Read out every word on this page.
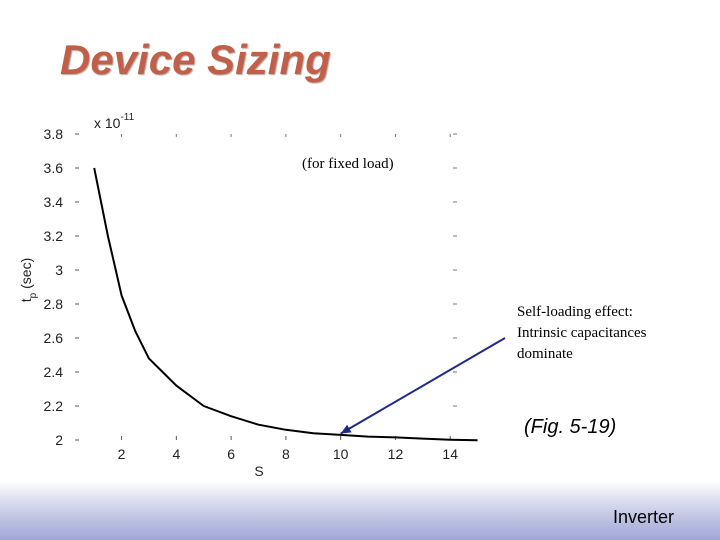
Device Sizing
2
2.2
2.4
2.6
2.8
3
3.2
3.4
3.6
3.8
2	4	6	8	10	12	14
x $10^{-11}$
S
$t_p$ (sec)
(for fixed load)
Self-loading effect:
Intrinsic capacitances
dominate
(Fig. 5-19)
Inverter
